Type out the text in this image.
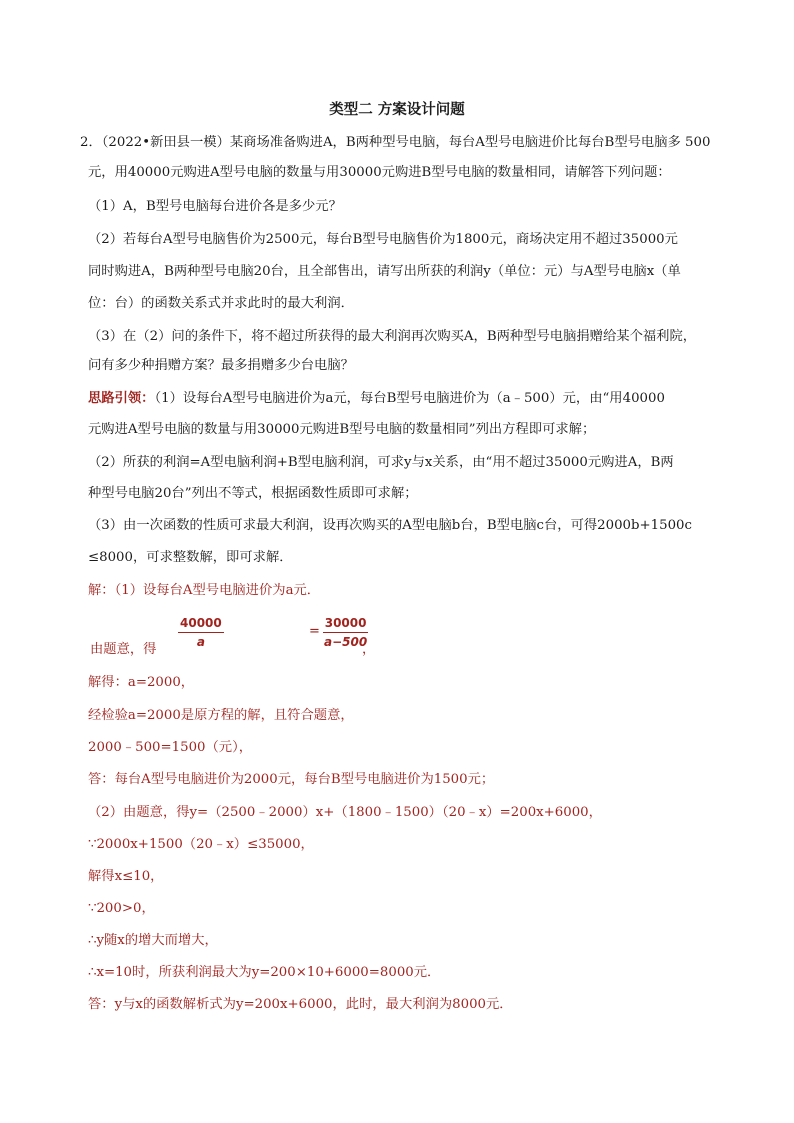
类型二 方案设计问题
2．（2022•新田县一模）某商场准备购进A，B两种型号电脑，每台A型号电脑进价比每台B型号电脑多 500
元，用40000元购进A型号电脑的数量与用30000元购进B型号电脑的数量相同，请解答下列问题：
（1）A，B型号电脑每台进价各是多少元？
（2）若每台A型号电脑售价为2500元，每台B型号电脑售价为1800元，商场决定用不超过35000元
同时购进A，B两种型号电脑20台，且全部售出，请写出所获的利润y（单位：元）与A型号电脑x（单
位：台）的函数关系式并求此时的最大利润．
（3）在（2）问的条件下，将不超过所获得的最大利润再次购买A，B两种型号电脑捐赠给某个福利院，
问有多少种捐赠方案？最多捐赠多少台电脑？
思路引领：（1）设每台A型号电脑进价为a元，每台B型号电脑进价为（a﹣500）元，由“用40000
元购进A型号电脑的数量与用30000元购进B型号电脑的数量相同”列出方程即可求解；
（2）所获的利润=A型电脑利润+B型电脑利润，可求y与x关系，由“用不超过35000元购进A，B两
种型号电脑20台”列出不等式，根据函数性质即可求解；
（3）由一次函数的性质可求最大利润，设再次购买的A型电脑b台，B型电脑c台，可得2000b+1500c
≤8000，可求整数解，即可求解．
解：（1）设每台A型号电脑进价为a元．
由题意，得
$\frac{40000}{a}$	= $\frac{30000}{a-500}$
，
解得：a=2000，
经检验a=2000是原方程的解，且符合题意，
2000﹣500=1500（元），
答：每台A型号电脑进价为2000元，每台B型号电脑进价为1500元；
（2）由题意，得y=（2500﹣2000）x+（1800﹣1500）（20﹣x）=200x+6000，
∵2000x+1500（20﹣x）≤35000，
解得x≤10，
∵200>0，
∴y随x的增大而增大，
∴x=10时，所获利润最大为y=200×10+6000=8000元．
答：y与x的函数解析式为y=200x+6000，此时，最大利润为8000元．
